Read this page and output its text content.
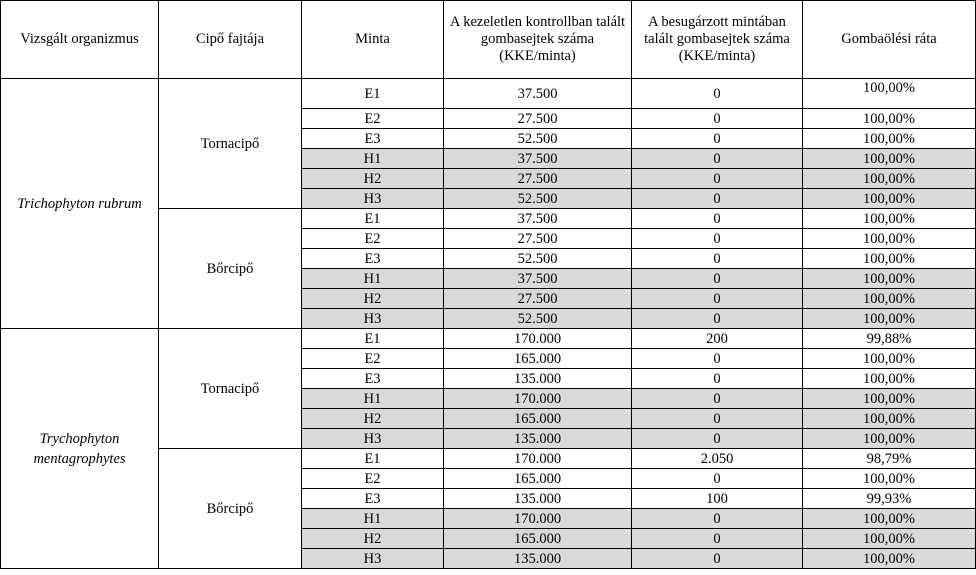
Vizsgált organizmus	Cipő fajtája	Minta	A kezeletlen kontrollban talált gombasejtek száma (KKE/minta)	A besugárzott mintában talált gombasejtek száma (KKE/minta)	Gombaölési ráta
Trichophyton rubrum	Tornacipő	E1	37.500	0	100,00%
		E2	27.500	0	100,00%
		E3	52.500	0	100,00%
		H1	37.500	0	100,00%
		H2	27.500	0	100,00%
		H3	52.500	0	100,00%
	Bőrcipő	E1	37.500	0	100,00%
		E2	27.500	0	100,00%
		E3	52.500	0	100,00%
		H1	37.500	0	100,00%
		H2	27.500	0	100,00%
		H3	52.500	0	100,00%
Trychophyton mentagrophytes	Tornacipő	E1	170.000	200	99,88%
		E2	165.000	0	100,00%
		E3	135.000	0	100,00%
		H1	170.000	0	100,00%
		H2	165.000	0	100,00%
		H3	135.000	0	100,00%
	Bőrcipő	E1	170.000	2.050	98,79%
		E2	165.000	0	100,00%
		E3	135.000	100	99,93%
		H1	170.000	0	100,00%
		H2	165.000	0	100,00%
		H3	135.000	0	100,00%
